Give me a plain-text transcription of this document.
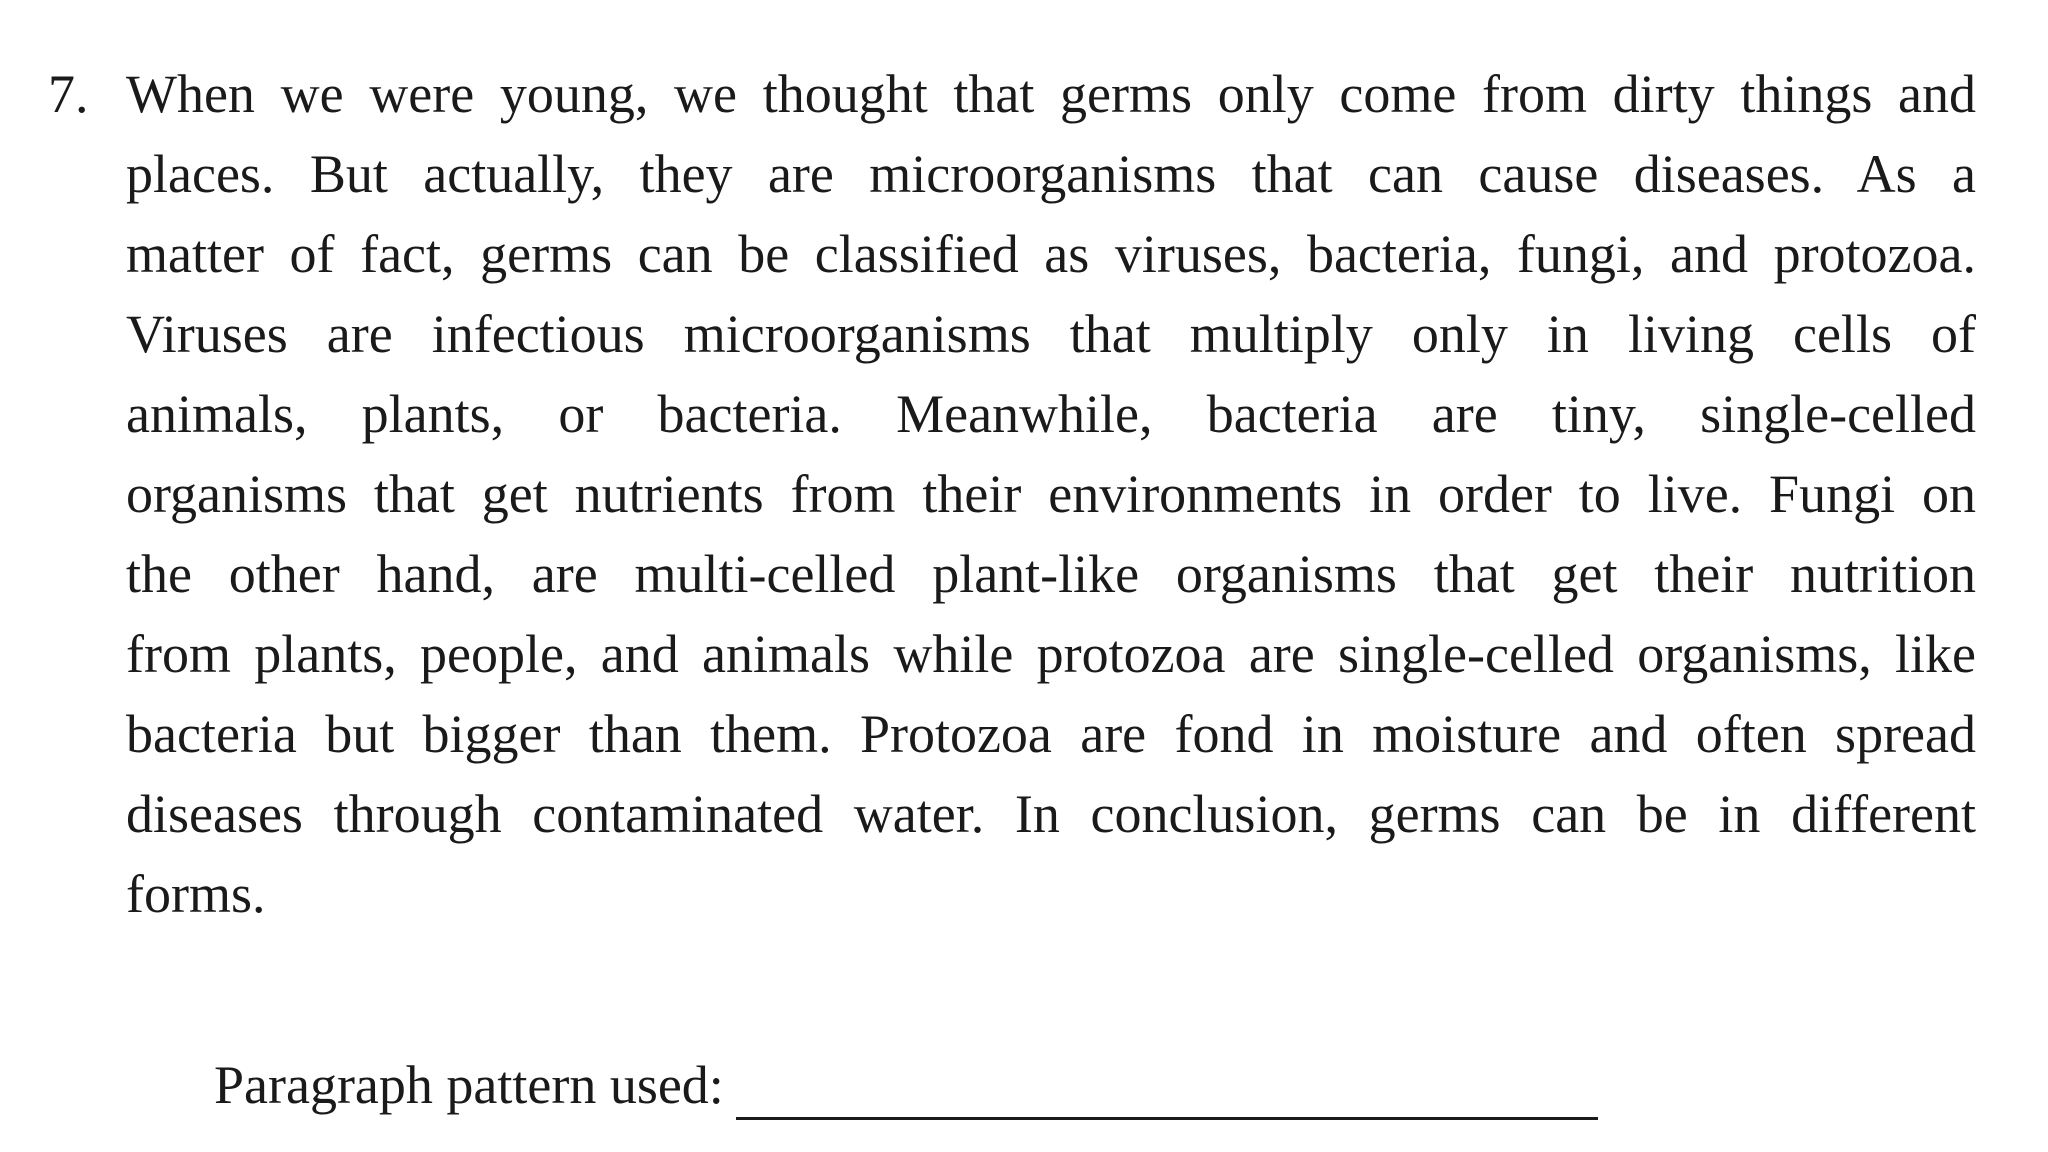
7. When we were young, we thought that germs only come from dirty things and
places. But actually, they are microorganisms that can cause diseases. As a
matter of fact, germs can be classified as viruses, bacteria, fungi, and protozoa.
Viruses are infectious microorganisms that multiply only in living cells of
animals, plants, or bacteria. Meanwhile, bacteria are tiny, single-celled
organisms that get nutrients from their environments in order to live. Fungi on
the other hand, are multi-celled plant-like organisms that get their nutrition
from plants, people, and animals while protozoa are single-celled organisms, like
bacteria but bigger than them. Protozoa are fond in moisture and often spread
diseases through contaminated water. In conclusion, germs can be in different
forms.

Paragraph pattern used:
